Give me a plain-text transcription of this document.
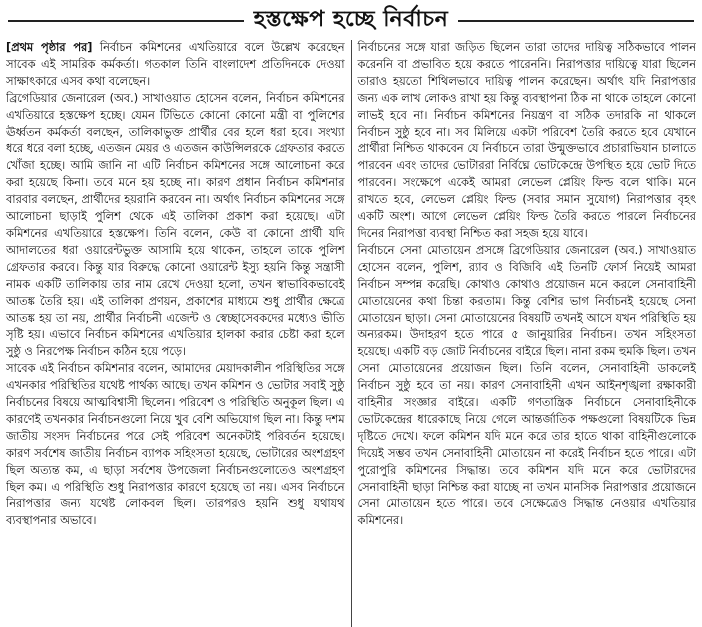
হস্তক্ষেপ হচ্ছে নির্বাচন

[প্রথম পৃষ্ঠার পর] নির্বাচন কমিশনের এখতিয়ারে বলে উল্লেখ করেছেন সাবেক এই সামরিক কর্মকর্তা। গতকাল তিনি বাংলাদেশ প্রতিদিনকে দেওয়া সাক্ষাৎকারে এসব কথা বলেছেন।

ব্রিগেডিয়ার জেনারেল (অব.) সাখাওয়াত হোসেন বলেন, নির্বাচন কমিশনের এখতিয়ারে হস্তক্ষেপ হচ্ছে। যেমন টিভিতে কোনো কোনো মন্ত্রী বা পুলিশের ঊর্ধ্বতন কর্মকর্তা বলছেন, তালিকাভুক্ত প্রার্থীর বের হলে ধরা হবে। সংখ্যা ধরে ধরে বলা হচ্ছে, এতজন মেয়র ও এতজন কাউন্সিলরকে গ্রেফতার করতে খোঁজা হচ্ছে। আমি জানি না এটি নির্বাচন কমিশনের সঙ্গে আলোচনা করে করা হয়েছে কিনা। তবে মনে হয় হচ্ছে না। কারণ প্রধান নির্বাচন কমিশনার বারবার বলছেন, প্রার্থীদের হয়রানি করবেন না। অর্থাৎ নির্বাচন কমিশনের সঙ্গে আলোচনা ছাড়াই পুলিশ থেকে এই তালিকা প্রকাশ করা হয়েছে। এটা কমিশনের এখতিয়ারে হস্তক্ষেপ। তিনি বলেন, কেউ বা কোনো প্রার্থী যদি আদালতের ধরা ওয়ারেন্টভুক্ত আসামি হয়ে থাকেন, তাহলে তাকে পুলিশ গ্রেফতার করবে। কিন্তু যার বিরুদ্ধে কোনো ওয়ারেন্ট ইস্যু হয়নি কিন্তু সন্ত্রাসী নামক একটি তালিকায় তার নাম রেখে দেওয়া হলো, তখন স্বাভাবিকভাবেই আতঙ্ক তৈরি হয়। এই তালিকা প্রণয়ন, প্রকাশের মাধ্যমে শুধু প্রার্থীর ক্ষেত্রে আতঙ্ক হয় তা নয়, প্রার্থীর নির্বাচনী এজেন্ট ও স্বেচ্ছাসেবকদের মধ্যেও ভীতি সৃষ্টি হয়। এভাবে নির্বাচন কমিশনের এখতিয়ার হালকা করার চেষ্টা করা হলে সুষ্ঠু ও নিরপেক্ষ নির্বাচন কঠিন হয়ে পড়ে।

সাবেক এই নির্বাচন কমিশনার বলেন, আমাদের মেয়াদকালীন পরিস্থিতির সঙ্গে এখনকার পরিস্থিতির যথেষ্ট পার্থক্য আছে। তখন কমিশন ও ভোটার সবাই সুষ্ঠু নির্বাচনের বিষয়ে আত্মবিশ্বাসী ছিলেন। পরিবেশ ও পরিস্থিতি অনুকূল ছিল। এ কারণেই তখনকার নির্বাচনগুলো নিয়ে খুব বেশি অভিযোগ ছিল না। কিন্তু দশম জাতীয় সংসদ নির্বাচনের পরে সেই পরিবেশ অনেকটাই পরিবর্তন হয়েছে। কারণ সর্বশেষ জাতীয় নির্বাচন ব্যাপক সহিংসতা হয়েছে, ভোটারের অংশগ্রহণ ছিল অত্যন্ত কম, এ ছাড়া সর্বশেষ উপজেলা নির্বাচনগুলোতেও অংশগ্রহণ ছিল কম। এ পরিস্থিতি শুধু নিরাপত্তার কারণে হয়েছে তা নয়। এসব নির্বাচনে নিরাপত্তার জন্য যথেষ্ট লোকবল ছিল। তারপরও হয়নি শুধু যথাযথ ব্যবস্থাপনার অভাবে।

নির্বাচনের সঙ্গে যারা জড়িত ছিলেন তারা তাদের দায়িত্ব সঠিকভাবে পালন করেননি বা প্রভাবিত হয়ে করতে পারেননি। নিরাপত্তার দায়িত্বে যারা ছিলেন তারাও হয়তো শিথিলভাবে দায়িত্ব পালন করেছেন। অর্থাৎ যদি নিরাপত্তার জন্য এক লাখ লোকও রাখা হয় কিন্তু ব্যবস্থাপনা ঠিক না থাকে তাহলে কোনো লাভই হবে না। নির্বাচন কমিশনের নিয়ন্ত্রণ বা সঠিক তদারকি না থাকলে নির্বাচন সুষ্ঠু হবে না। সব মিলিয়ে একটা পরিবেশ তৈরি করতে হবে যেখানে প্রার্থীরা নিশ্চিত থাকবেন যে নির্বাচনে তারা উন্মুক্তভাবে প্রচারাভিযান চালাতে পারবেন এবং তাদের ভোটাররা নির্বিঘ্নে ভোটকেন্দ্রে উপস্থিত হয়ে ভোট দিতে পারবেন। সংক্ষেপে একেই আমরা লেভেল প্লেয়িং ফিল্ড বলে থাকি। মনে রাখতে হবে, লেভেল প্লেয়িং ফিল্ড (সবার সমান সুযোগ) নিরাপত্তার বৃহৎ একটি অংশ। আগে লেভেল প্লেয়িং ফিল্ড তৈরি করতে পারলে নির্বাচনের দিনের নিরাপত্তা ব্যবস্থা নিশ্চিত করা সহজ হয়ে যাবে।

নির্বাচনে সেনা মোতায়েন প্রসঙ্গে ব্রিগেডিয়ার জেনারেল (অব.) সাখাওয়াত হোসেন বলেন, পুলিশ, র‍্যাব ও বিজিবি এই তিনটি ফোর্স নিয়েই আমরা নির্বাচন সম্পন্ন করেছি। কোথাও কোথাও প্রয়োজন মনে করলে সেনাবাহিনী মোতায়েনের কথা চিন্তা করতাম। কিন্তু বেশির ভাগ নির্বাচনই হয়েছে সেনা মোতায়েন ছাড়া। সেনা মোতায়েনের বিষয়টি তখনই আসে যখন পরিস্থিতি হয় অন্যরকম। উদাহরণ হতে পারে ৫ জানুয়ারির নির্বাচন। তখন সহিংসতা হয়েছে। একটি বড় জোট নির্বাচনের বাইরে ছিল। নানা রকম হুমকি ছিল। তখন সেনা মোতায়েনের প্রয়োজন ছিল। তিনি বলেন, সেনাবাহিনী ডাকলেই নির্বাচন সুষ্ঠু হবে তা নয়। কারণ সেনাবাহিনী এখন আইনশৃঙ্খলা রক্ষাকারী বাহিনীর সংজ্ঞার বাইরে। একটি গণতান্ত্রিক নির্বাচনে সেনাবাহিনীকে ভোটকেন্দ্রের ধারেকাছে নিয়ে গেলে আন্তর্জাতিক পক্ষগুলো বিষয়টিকে ভিন্ন দৃষ্টিতে দেখে। ফলে কমিশন যদি মনে করে তার হাতে থাকা বাহিনীগুলোকে দিয়েই সম্ভব তখন সেনাবাহিনী মোতায়েন না করেই নির্বাচন হতে পারে। এটা পুরোপুরি কমিশনের সিদ্ধান্ত। তবে কমিশন যদি মনে করে ভোটারদের সেনাবাহিনী ছাড়া নিশ্চিন্ত করা যাচ্ছে না তখন মানসিক নিরাপত্তার প্রয়োজনে সেনা মোতায়েন হতে পারে। তবে সেক্ষেত্রেও সিদ্ধান্ত নেওয়ার এখতিয়ার কমিশনের।
